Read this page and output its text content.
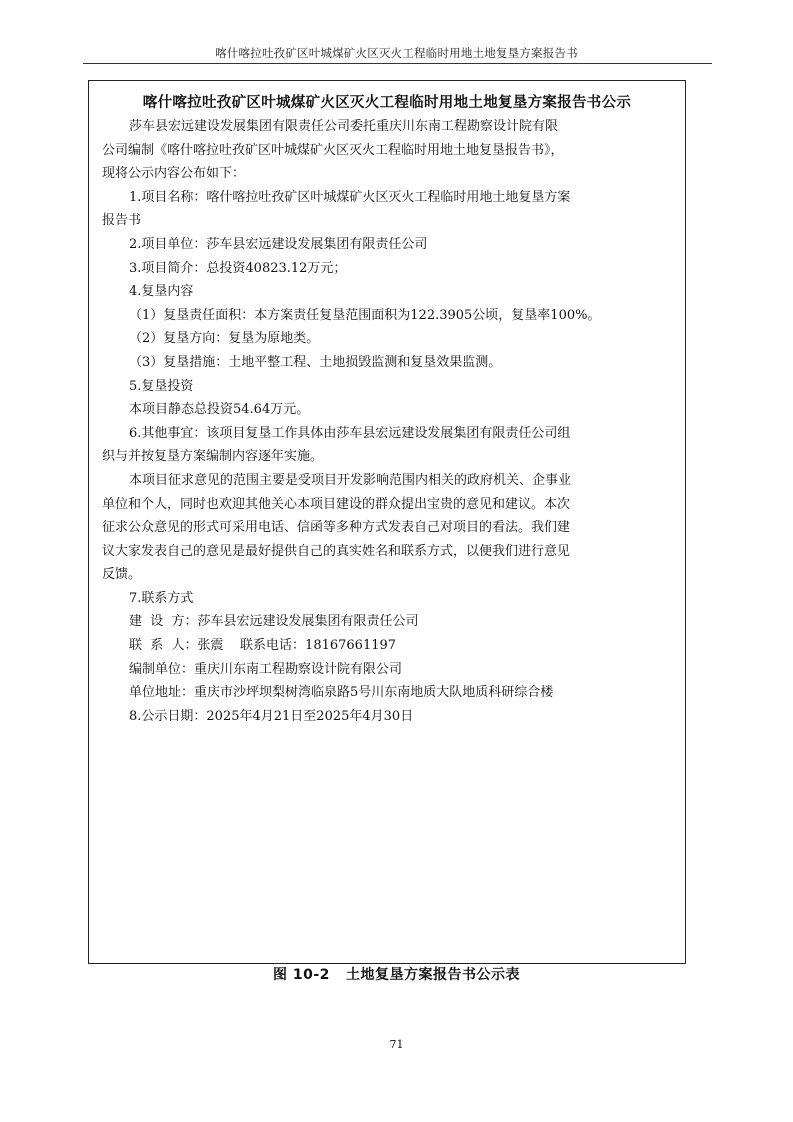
喀什喀拉吐孜矿区叶城煤矿火区灭火工程临时用地土地复垦方案报告书
喀什喀拉吐孜矿区叶城煤矿火区灭火工程临时用地土地复垦方案报告书公示

莎车县宏远建设发展集团有限责任公司委托重庆川东南工程勘察设计院有限

公司编制《喀什喀拉吐孜矿区叶城煤矿火区灭火工程临时用地土地复垦报告书》，

现将公示内容公布如下：

1.项目名称：喀什喀拉吐孜矿区叶城煤矿火区灭火工程临时用地土地复垦方案

报告书

2.项目单位：莎车县宏远建设发展集团有限责任公司

3.项目简介：总投资40823.12万元；

4.复垦内容

（1）复垦责任面积：本方案责任复垦范围面积为122.3905公顷，复垦率100%。

（2）复垦方向：复垦为原地类。

（3）复垦措施：土地平整工程、土地损毁监测和复垦效果监测。

5.复垦投资

本项目静态总投资54.64万元。

6.其他事宜：该项目复垦工作具体由莎车县宏远建设发展集团有限责任公司组

织与并按复垦方案编制内容逐年实施。

本项目征求意见的范围主要是受项目开发影响范围内相关的政府机关、企事业

单位和个人，同时也欢迎其他关心本项目建设的群众提出宝贵的意见和建议。本次

征求公众意见的形式可采用电话、信函等多种方式发表自己对项目的看法。我们建

议大家发表自己的意见是最好提供自己的真实姓名和联系方式，以便我们进行意见

反馈。

7.联系方式

建  设  方：莎车县宏远建设发展集团有限责任公司

联  系  人：张震    联系电话：18167661197

编制单位：重庆川东南工程勘察设计院有限公司

单位地址：重庆市沙坪坝梨树湾临泉路5号川东南地质大队地质科研综合楼

8.公示日期：2025年4月21日至2025年4月30日

图 10-2   土地复垦方案报告书公示表
71
